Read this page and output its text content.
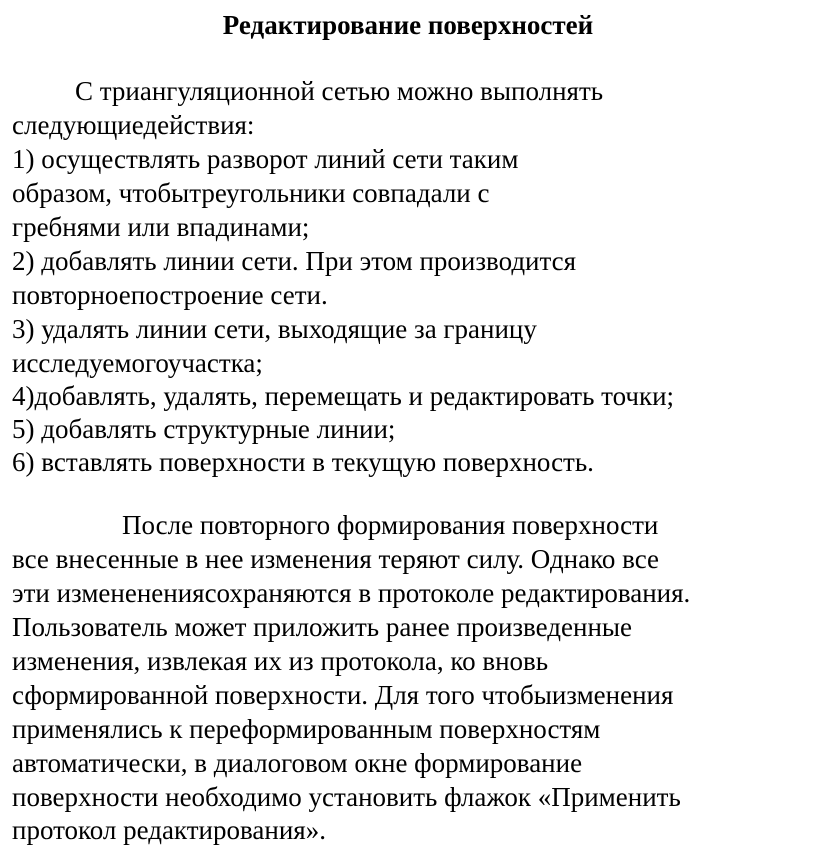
Редактирование поверхностей
С триангуляционной сетью можно выполнять
следующиедействия:
1) осуществлять разворот линий сети таким
образом, чтобытреугольники совпадали с
гребнями или впадинами;
2) добавлять линии сети. При этом производится
повторноепостроение сети.
3) удалять линии сети, выходящие за границу
исследуемогоучастка;
4)добавлять, удалять, перемещать и редактировать точки;
5) добавлять структурные линии;
6) вставлять поверхности в текущую поверхность.
После повторного формирования поверхности
все внесенные в нее изменения теряют силу. Однако все
эти измененениясохраняются в протоколе редактирования.
Пользователь может приложить ранее произведенные
изменения, извлекая их из протокола, ко вновь
сформированной поверхности. Для того чтобыизменения
применялись к переформированным поверхностям
автоматически, в диалоговом окне формирование
поверхности необходимо установить флажок «Применить
протокол редактирования».
